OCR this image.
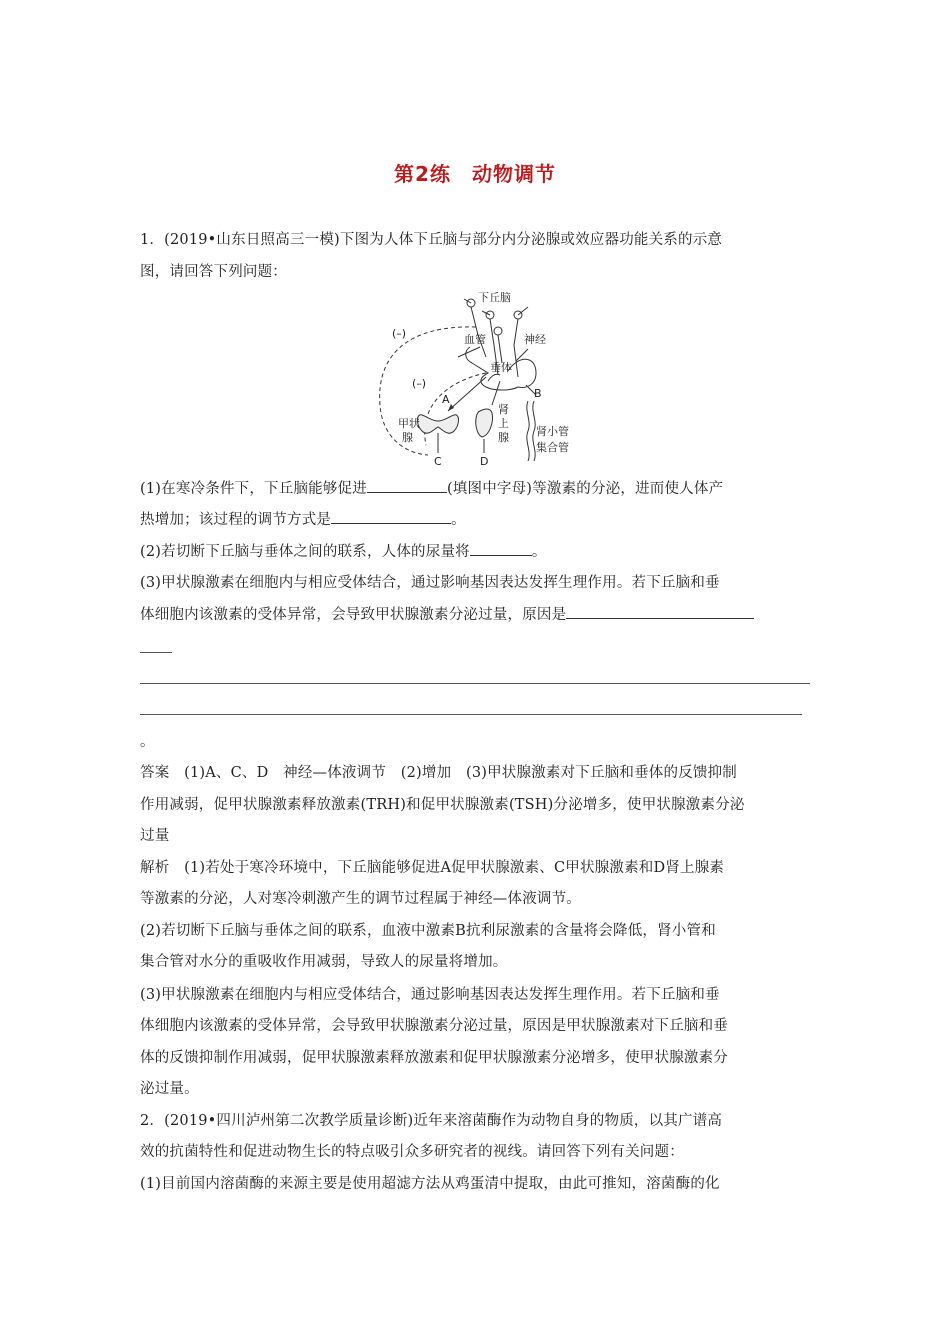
第2练　动物调节
1．(2019•山东日照高三一模)下图为人体下丘脑与部分内分泌腺或效应器功能关系的示意
图，请回答下列问题：
下丘脑
血管	神经
垂体
(–)
(–)
A	B
甲状
腺
C
肾
上
腺
D
肾小管
集合管
(1)在寒冷条件下，下丘脑能够促进	(填图中字母)等激素的分泌，进而使人体产
热增加；该过程的调节方式是	。
(2)若切断下丘脑与垂体之间的联系，人体的尿量将	。
(3)甲状腺激素在细胞内与相应受体结合，通过影响基因表达发挥生理作用。若下丘脑和垂
体细胞内该激素的受体异常，会导致甲状腺激素分泌过量，原因是
。
答案　(1)A、C、D　神经—体液调节　(2)增加　(3)甲状腺激素对下丘脑和垂体的反馈抑制
作用减弱，促甲状腺激素释放激素(TRH)和促甲状腺激素(TSH)分泌增多，使甲状腺激素分泌
过量
解析　(1)若处于寒冷环境中，下丘脑能够促进A促甲状腺激素、C甲状腺激素和D肾上腺素
等激素的分泌，人对寒冷刺激产生的调节过程属于神经—体液调节。
(2)若切断下丘脑与垂体之间的联系，血液中激素B抗利尿激素的含量将会降低，肾小管和
集合管对水分的重吸收作用减弱，导致人的尿量将增加。
(3)甲状腺激素在细胞内与相应受体结合，通过影响基因表达发挥生理作用。若下丘脑和垂
体细胞内该激素的受体异常，会导致甲状腺激素分泌过量，原因是甲状腺激素对下丘脑和垂
体的反馈抑制作用减弱，促甲状腺激素释放激素和促甲状腺激素分泌增多，使甲状腺激素分
泌过量。
2．(2019•四川泸州第二次教学质量诊断)近年来溶菌酶作为动物自身的物质，以其广谱高
效的抗菌特性和促进动物生长的特点吸引众多研究者的视线。请回答下列有关问题：
(1)目前国内溶菌酶的来源主要是使用超滤方法从鸡蛋清中提取，由此可推知，溶菌酶的化
